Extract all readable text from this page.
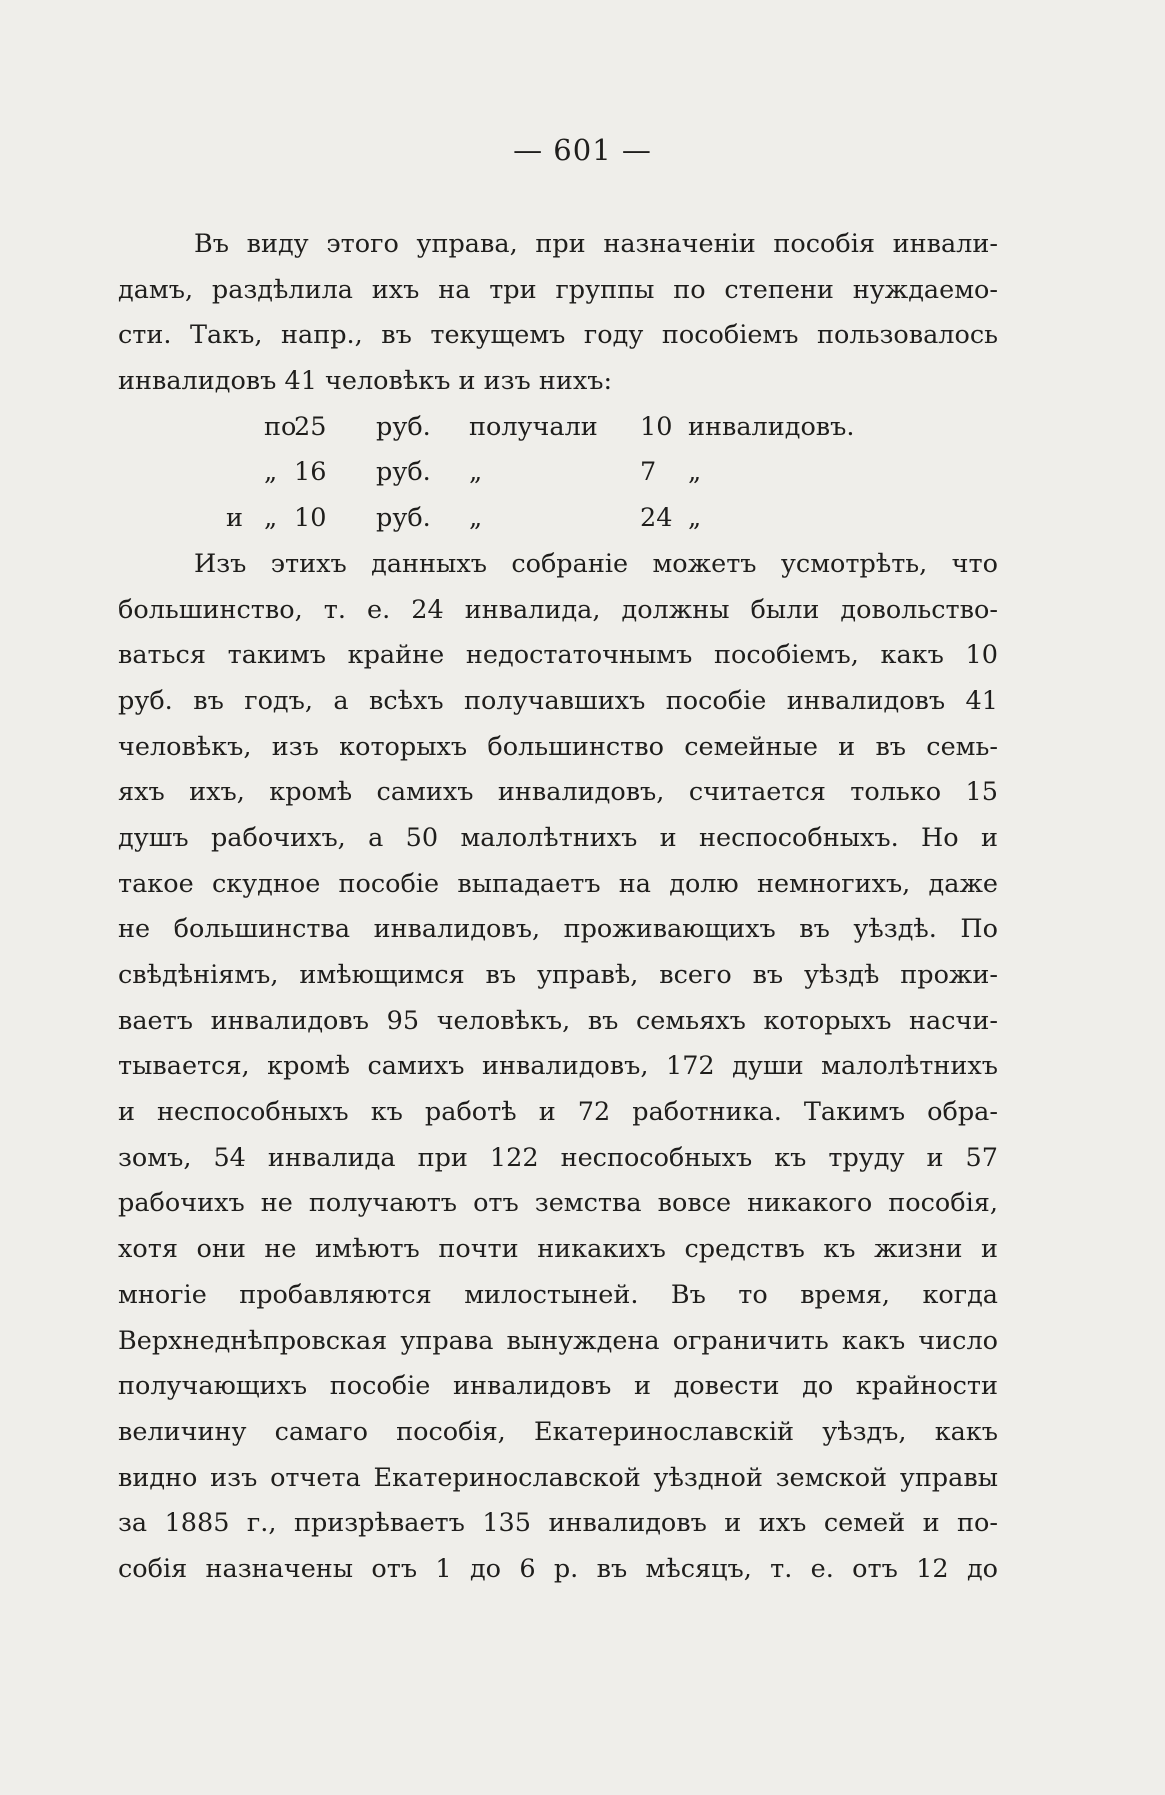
— 601 —
Въ виду этого управа, при назначеніи пособія инвали-
дамъ, раздѣлила ихъ на три группы по степени нуждаемо-
сти. Такъ, напр., въ текущемъ году пособіемъ пользовалось
инвалидовъ 41 человѣкъ и изъ нихъ:
по
25 руб. получали 10 инвалидовъ.
„ 16 руб. „	7 „
и „ 10 руб. „	24 „
Изъ этихъ данныхъ собраніе можетъ усмотрѣть, что
большинство, т. е. 24 инвалида, должны были довольство-
ваться такимъ крайне недостаточнымъ пособіемъ, какъ 10
руб. въ годъ, а всѣхъ получавшихъ пособіе инвалидовъ 41
человѣкъ, изъ которыхъ большинство семейные и въ семь-
яхъ ихъ, кромѣ самихъ инвалидовъ, считается только 15
душъ рабочихъ, а 50 малолѣтнихъ и неспособныхъ. Но и
такое скудное пособіе выпадаетъ на долю немногихъ, даже
не большинства инвалидовъ, проживающихъ въ уѣздѣ. По
свѣдѣніямъ, имѣющимся въ управѣ, всего въ уѣздѣ прожи-
ваетъ инвалидовъ 95 человѣкъ, въ семьяхъ которыхъ насчи-
тывается, кромѣ самихъ инвалидовъ, 172 души малолѣтнихъ
и неспособныхъ къ работѣ и 72 работника. Такимъ обра-
зомъ, 54 инвалида при 122 неспособныхъ къ труду и 57
рабочихъ не получаютъ отъ земства вовсе никакого пособія,
хотя они не имѣютъ почти никакихъ средствъ къ жизни и
многіе пробавляются милостыней. Въ то время, когда
Верхнеднѣпровская управа вынуждена ограничить какъ число
получающихъ пособіе инвалидовъ и довести до крайности
величину самаго пособія, Екатеринославскій уѣздъ, какъ
видно изъ отчета Екатеринославской уѣздной земской управы
за 1885 г., призрѣваетъ 135 инвалидовъ и ихъ семей и по-
собія назначены отъ 1 до 6 р. въ мѣсяцъ, т. е. отъ 12 до
